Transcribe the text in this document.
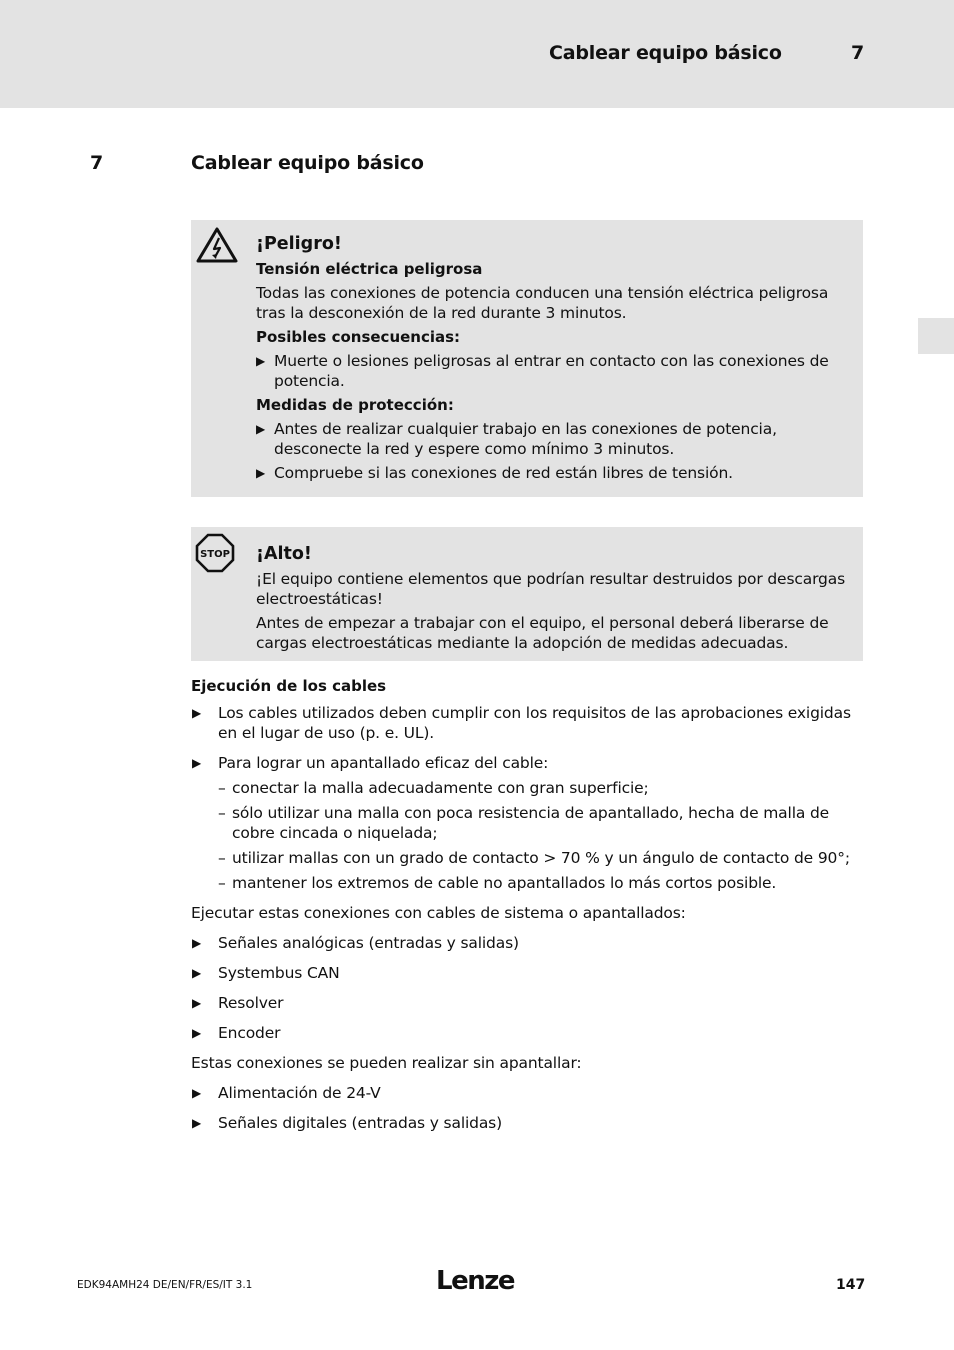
Cablear equipo básico	7
7	Cablear equipo básico
¡Peligro!
Tensión eléctrica peligrosa
Todas las conexiones de potencia conducen una tensión eléctrica peligrosa tras la desconexión de la red durante 3 minutos.
Posibles consecuencias:
▶ Muerte o lesiones peligrosas al entrar en contacto con las conexiones de potencia.
Medidas de protección:
▶ Antes de realizar cualquier trabajo en las conexiones de potencia, desconecte la red y espere como mínimo 3 minutos.
▶ Compruebe si las conexiones de red están libres de tensión.
STOP ¡Alto!
¡El equipo contiene elementos que podrían resultar destruidos por descargas electroestáticas!
Antes de empezar a trabajar con el equipo, el personal deberá liberarse de cargas electroestáticas mediante la adopción de medidas adecuadas.
Ejecución de los cables
▶ Los cables utilizados deben cumplir con los requisitos de las aprobaciones exigidas en el lugar de uso (p. e. UL).
▶ Para lograr un apantallado eficaz del cable:
– conectar la malla adecuadamente con gran superficie;
– sólo utilizar una malla con poca resistencia de apantallado, hecha de malla de cobre cincada o niquelada;
– utilizar mallas con un grado de contacto > 70 % y un ángulo de contacto de 90°;
– mantener los extremos de cable no apantallados lo más cortos posible.
Ejecutar estas conexiones con cables de sistema o apantallados:
▶ Señales analógicas (entradas y salidas)
▶ Systembus CAN
▶ Resolver
▶ Encoder
Estas conexiones se pueden realizar sin apantallar:
▶ Alimentación de 24-V
▶ Señales digitales (entradas y salidas)
EDK94AMH24 DE/EN/FR/ES/IT 3.1	Lenze	147
